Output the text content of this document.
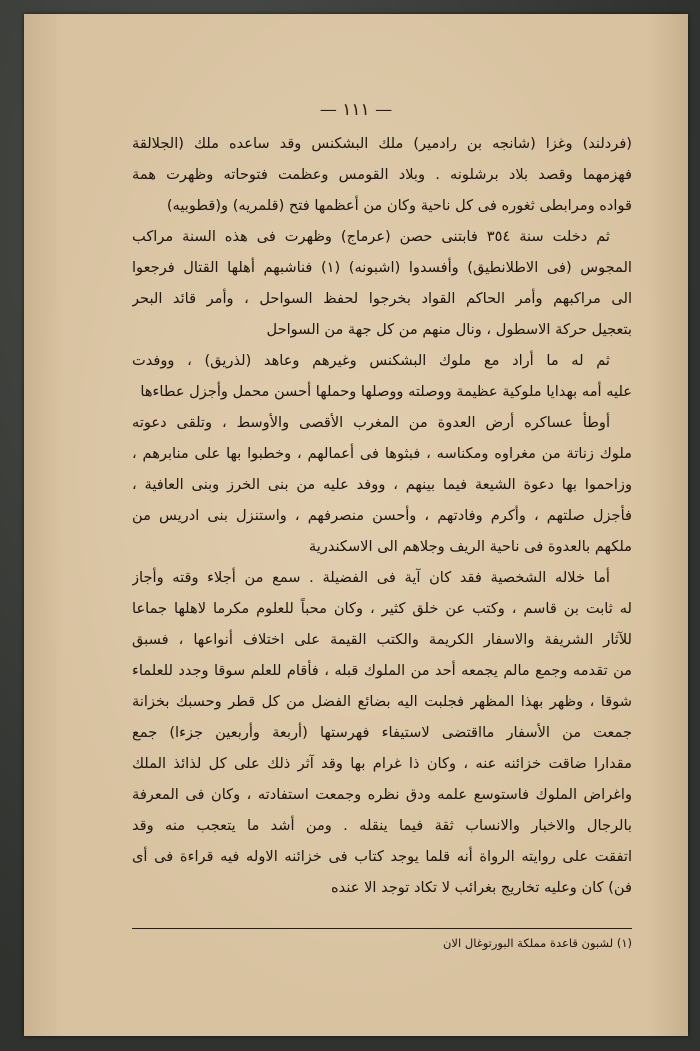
— ١١١ —
(فردلند) وغزا (شانجه بن رادمير) ملك البشكنس وقد ساعده ملك (الجلالقة
فهزمهما وقصد بلاد برشلونه . وبلاد القومس وعظمت فتوحاته وظهرت همة
قواده ومرابطى ثغوره فى كل ناحية وكان من أعظمها فتح (قلمريه) و(قطوبيه)
ثم دخلت سنة ٣٥٤ فابتنى حصن (عرماج) وظهرت فى هذه السنة مراكب
المجوس (فى الاطلانطيق) وأفسدوا (اشبونه) (١) فناشبهم أهلها القتال فرجعوا
الى مراكبهم وأمر الحاكم القواد بخرجوا لحفظ السواحل ، وأمر قائد البحر
بتعجيل حركة الاسطول ، ونال منهم من كل جهة من السواحل
ثم له ما أراد مع ملوك البشكنس وغيرهم وعاهد (لذريق) ، ووفدت
عليه أمه بهدايا ملوكية عظيمة ووصلته ووصلها وحملها أحسن محمل وأجزل عطاءها
أوطأ عساكره أرض العدوة من المغرب الأقصى والأوسط ، وتلقى دعوته
ملوك زناتة من مغراوه ومكناسه ، فبثوها فى أعمالهم ، وخطبوا بها على منابرهم ،
وزاحموا بها دعوة الشيعة فيما بينهم ، ووفد عليه من بنى الخرز وبنى العافية ،
فأجزل صلتهم ، وأكرم وفادتهم ، وأحسن منصرفهم ، واستنزل بنى ادريس من
ملكهم بالعدوة فى ناحية الريف وجلاهم الى الاسكندرية
أما خلاله الشخصية فقد كان آية فى الفضيلة . سمع من أجلاء وقته وأجاز
له ثابت بن قاسم ، وكتب عن خلق كثير ، وكان محباً للعلوم مكرما لاهلها جماعا
للآثار الشريفة والاسفار الكريمة والكتب القيمة على اختلاف أنواعها ، فسبق
من تقدمه وجمع مالم يجمعه أحد من الملوك قبله ، فأقام للعلم سوقا وجدد للعلماء
شوقا ، وظهر بهذا المظهر فجلبت اليه بضائع الفضل من كل قطر وحسبك بخزانة
جمعت من الأسفار مااقتضى لاستيفاء فهرستها (أربعة وأربعين جزءا) جمع
مقدارا ضاقت خزائنه عنه ، وكان ذا غرام بها وقد آثر ذلك على كل لذائذ الملك
واغراض الملوك فاستوسع علمه ودق نظره وجمعت استفادته ، وكان فى المعرفة
بالرجال والاخبار والانساب ثقة فيما ينقله . ومن أشد ما يتعجب منه وقد
اتفقت على روايته الرواة أنه قلما يوجد كتاب فى خزائنه الاوله فيه قراءة فى أى
فن) كان وعليه تخاريج بغرائب لا تكاد توجد الا عنده
(١) لشبون قاعدة مملكة البورتوغال الان
